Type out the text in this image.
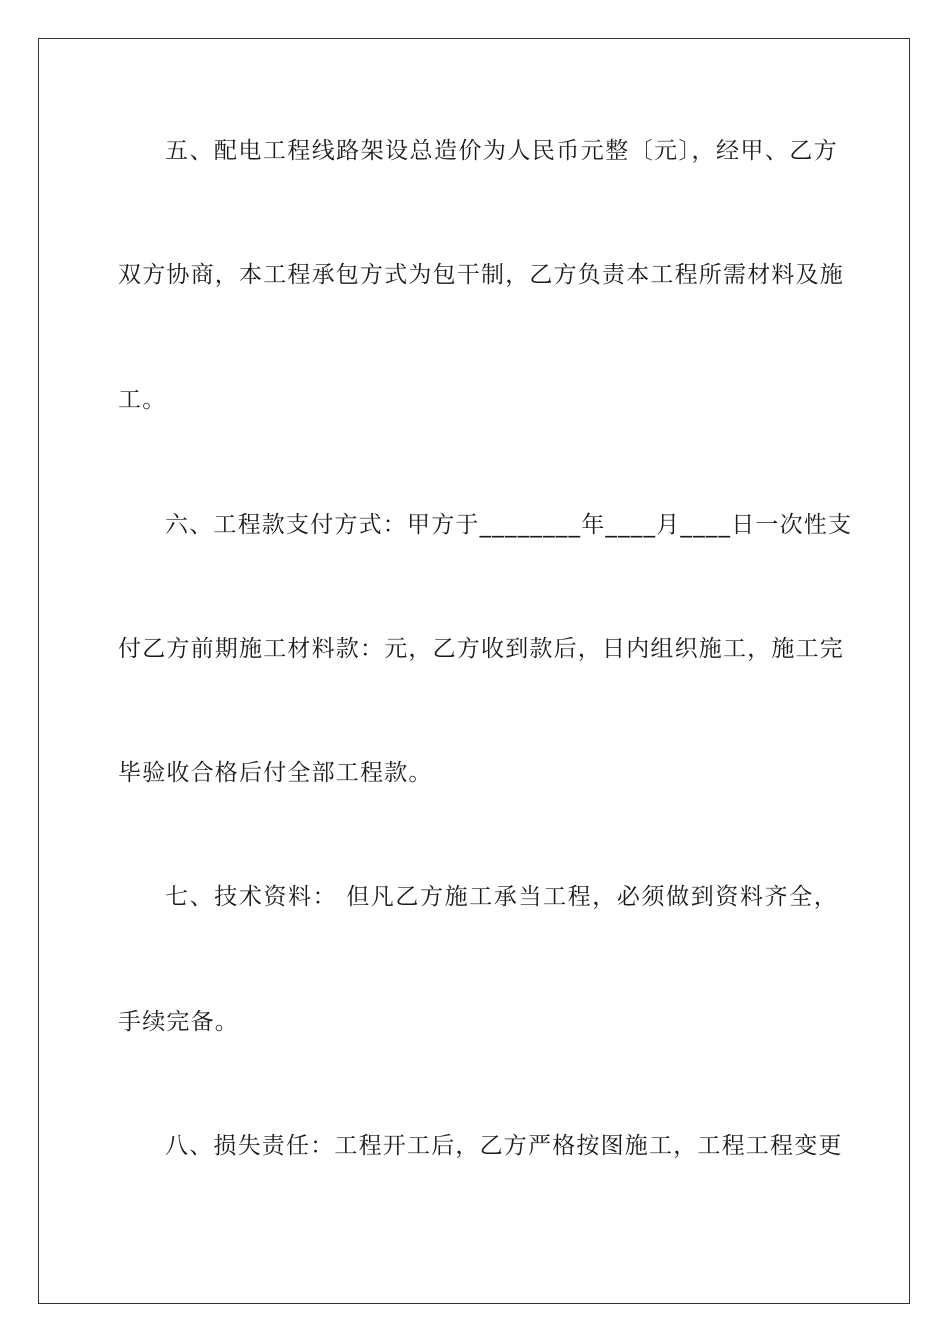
五、配电工程线路架设总造价为人民币元整〔元〕，经甲、乙方
双方协商，本工程承包方式为包干制，乙方负责本工程所需材料及施
工。
六、工程款支付方式：甲方于________年____月____日一次性支
付乙方前期施工材料款：元，乙方收到款后，日内组织施工，施工完
毕验收合格后付全部工程款。
七、技术资料： 但凡乙方施工承当工程，必须做到资料齐全，
手续完备。
八、损失责任：工程开工后，乙方严格按图施工，工程工程变更
